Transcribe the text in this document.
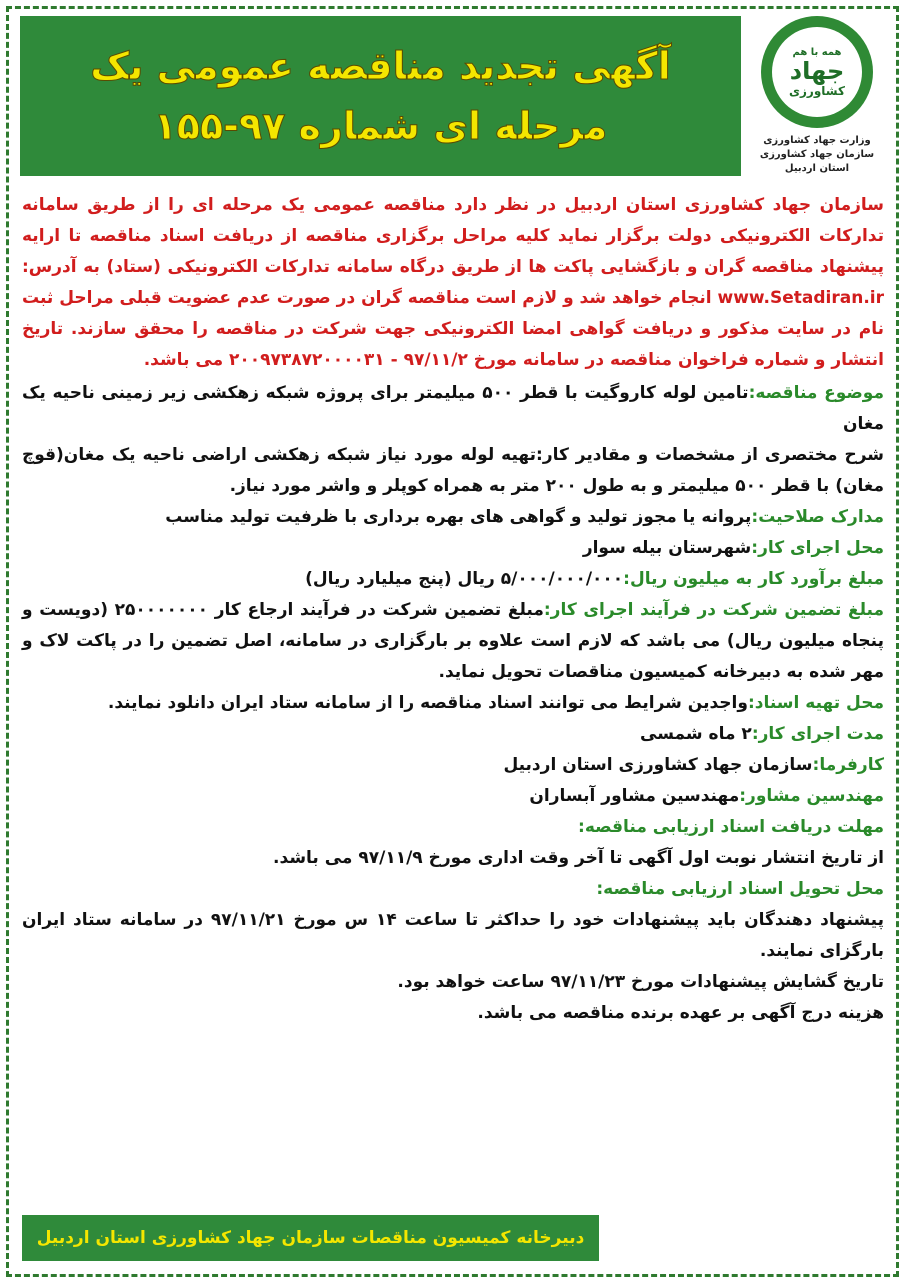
همه با هم
جهاد
کشاورزی
وزارت جهاد کشاورزی
سازمان جهاد کشاورزی استان اردبیل
آگهی تجدید مناقصه عمومی یک
مرحله ای شماره ۹۷-۱۵۵

سازمان جهاد کشاورزی استان اردبیل در نظر دارد مناقصه عمومی یک مرحله ای را از طریق سامانه تدارکات الکترونیکی دولت برگزار نماید کلیه مراحل برگزاری مناقصه از دریافت اسناد مناقصه تا ارایه پیشنهاد مناقصه گران و بازگشایی پاکت ها از طریق درگاه سامانه تدارکات الکترونیکی (ستاد) به آدرس: www.Setadiran.ir انجام خواهد شد و لازم است مناقصه گران در صورت عدم عضویت قبلی مراحل ثبت نام در سایت مذکور و دریافت گواهی امضا الکترونیکی جهت شرکت در مناقصه را محقق سازند. تاریخ انتشار و شماره فراخوان مناقصه در سامانه مورخ ۹۷/۱۱/۲ - ۲۰۰۹۷۳۸۷۲۰۰۰۰۳۱ می باشد.

موضوع مناقصه:تامین لوله کاروگیت با قطر ۵۰۰ میلیمتر برای پروژه شبکه زهکشی زیر زمینی ناحیه یک مغان

شرح مختصری از مشخصات و مقادیر کار:تهیه لوله مورد نیاز شبکه زهکشی اراضی ناحیه یک مغان(قوچ مغان) با قطر ۵۰۰ میلیمتر و به طول ۲۰۰ متر به همراه کوپلر و واشر مورد نیاز.

مدارک صلاحیت:پروانه یا مجوز تولید و گواهی های بهره برداری با ظرفیت تولید مناسب

محل اجرای کار:شهرستان بیله سوار

مبلغ برآورد کار به میلیون ریال:۵/۰۰۰/۰۰۰/۰۰۰ ریال (پنج میلیارد ریال)

مبلغ تضمین شرکت در فرآیند اجرای کار:مبلغ تضمین شرکت در فرآیند ارجاع کار ۲۵۰۰۰۰۰۰۰ (دویست و پنجاه میلیون ریال) می باشد که لازم است علاوه بر بارگزاری در سامانه، اصل تضمین را در پاکت لاک و مهر شده به دبیرخانه کمیسیون مناقصات تحویل نماید.

محل تهیه اسناد:واجدین شرایط می توانند اسناد مناقصه را از سامانه ستاد ایران دانلود نمایند.

مدت اجرای کار:۲ ماه شمسی

کارفرما:سازمان جهاد کشاورزی استان اردبیل

مهندسین مشاور:مهندسین مشاور آبساران

مهلت دریافت اسناد ارزیابی مناقصه:

از تاریخ انتشار نوبت اول آگهی تا آخر وقت اداری مورخ ۹۷/۱۱/۹ می باشد.

محل تحویل اسناد ارزیابی مناقصه:

پیشنهاد دهندگان باید پیشنهادات خود را حداکثر تا ساعت ۱۴ س مورخ ۹۷/۱۱/۲۱ در سامانه ستاد ایران بارگزای نمایند.

تاریخ گشایش پیشنهادات مورخ ۹۷/۱۱/۲۳ ساعت خواهد بود.

هزینه درج آگهی بر عهده برنده مناقصه می باشد.

دبیرخانه کمیسیون مناقصات سازمان جهاد کشاورزی استان اردبیل
